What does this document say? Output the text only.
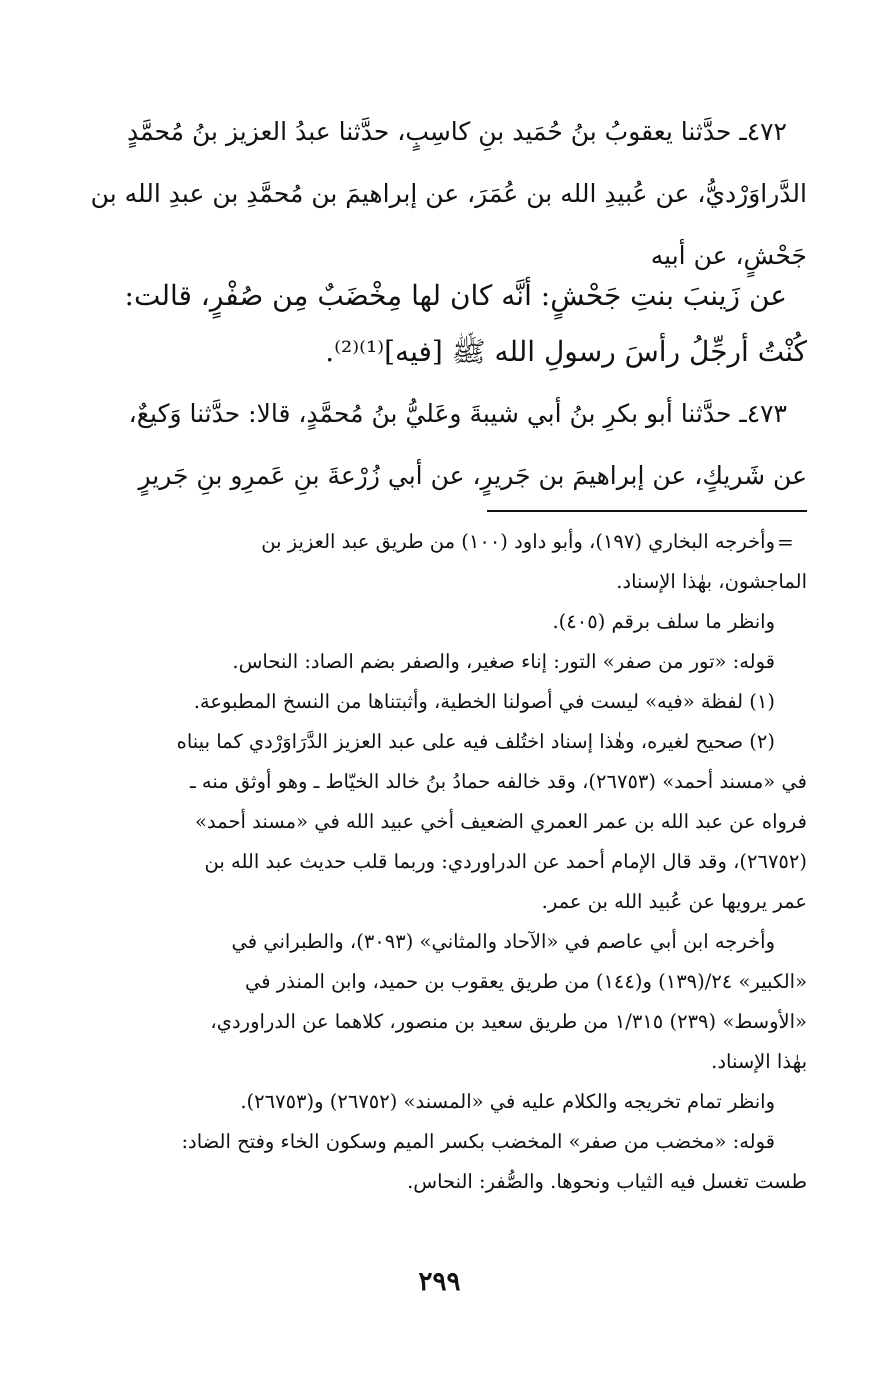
٤٧٢ـ حدَّثنا يعقوبُ بنُ حُمَيد بنِ كاسِبٍ، حدَّثنا عبدُ العزيز بنُ مُحمَّدٍ
الدَّراوَرْديُّ، عن عُبيدِ الله بن عُمَرَ، عن إبراهيمَ بن مُحمَّدِ بن عبدِ الله بن
جَحْشٍ، عن أبيه
عن زَينبَ بنتِ جَحْشٍ: أنَّه كان لها مِخْضَبٌ مِن صُفْرٍ، قالت:
كُنْتُ أرجِّلُ رأسَ رسولِ الله ﷺ [فيه]⁽¹⁾⁽²⁾.
٤٧٣ـ حدَّثنا أبو بكرِ بنُ أبي شيبةَ وعَليُّ بنُ مُحمَّدٍ، قالا: حدَّثنا وَكيعٌ،
عن شَريكٍ، عن إبراهيمَ بن جَريرٍ، عن أبي زُرْعةَ بنِ عَمرِو بنِ جَريرٍ
=
وأخرجه البخاري (١٩٧)، وأبو داود (١٠٠) من طريق عبد العزيز بن
الماجشون، بهٰذا الإسناد.
وانظر ما سلف برقم (٤٠٥).
قوله: «تور من صفر» التور: إناء صغير، والصفر بضم الصاد: النحاس.
(١) لفظة «فيه» ليست في أصولنا الخطية، وأثبتناها من النسخ المطبوعة.
(٢) صحيح لغيره، وهٰذا إسناد اختُلف فيه على عبد العزيز الدَّرَاوَرْدي كما بيناه
في «مسند أحمد» (٢٦٧٥٣)، وقد خالفه حمادُ بنُ خالد الخيّاط ـ وهو أوثق منه ـ
فرواه عن عبد الله بن عمر العمري الضعيف أخي عبيد الله في «مسند أحمد»
(٢٦٧٥٢)، وقد قال الإمام أحمد عن الدراوردي: وربما قلب حديث عبد الله بن
عمر يرويها عن عُبيد الله بن عمر.
وأخرجه ابن أبي عاصم في «الآحاد والمثاني» (٣٠٩٣)، والطبراني في
«الكبير» ٢٤/(١٣٩) و(١٤٤) من طريق يعقوب بن حميد، وابن المنذر في
«الأوسط» (٢٣٩) ١/٣١٥ من طريق سعيد بن منصور، كلاهما عن الدراوردي،
بهٰذا الإسناد.
وانظر تمام تخريجه والكلام عليه في «المسند» (٢٦٧٥٢) و(٢٦٧٥٣).
قوله: «مخضب من صفر» المخضب بكسر الميم وسكون الخاء وفتح الضاد:
طست تغسل فيه الثياب ونحوها. والصُّفر: النحاس.
٢٩٩
